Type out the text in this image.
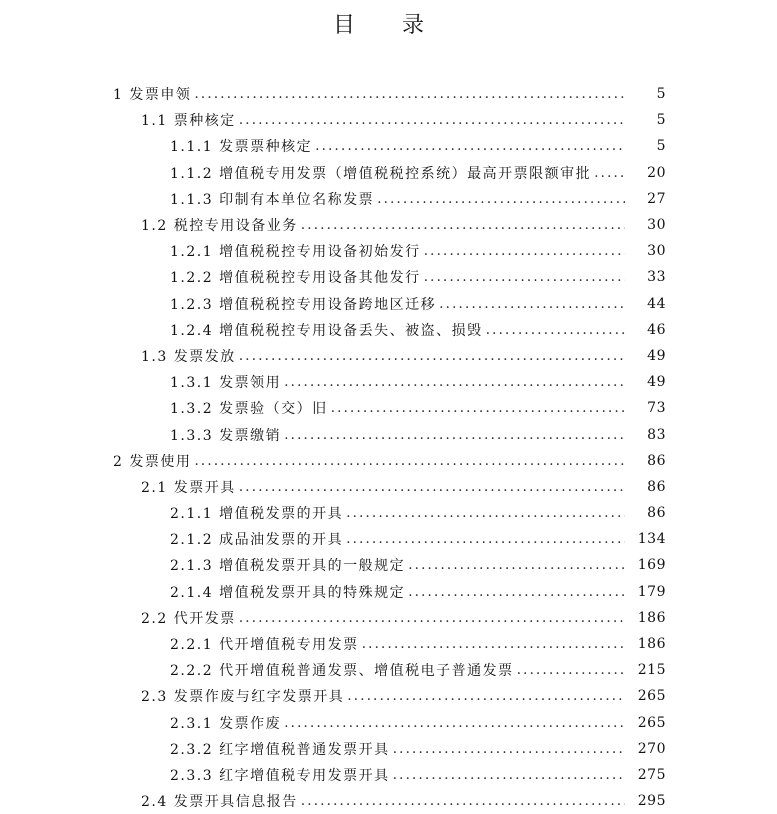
目 录
1 发票申领 .....	5
1.1 票种核定 .....	5
1.1.1 发票票种核定 .....	5
1.1.2 增值税专用发票（增值税税控系统）最高开票限额审批 .....	20
1.1.3 印制有本单位名称发票 .....	27
1.2 税控专用设备业务 .....	30
1.2.1 增值税税控专用设备初始发行 .....	30
1.2.2 增值税税控专用设备其他发行 .....	33
1.2.3 增值税税控专用设备跨地区迁移 .....	44
1.2.4 增值税税控专用设备丢失、被盗、损毁 .....	46
1.3 发票发放 .....	49
1.3.1 发票领用 .....	49
1.3.2 发票验（交）旧 .....	73
1.3.3 发票缴销 .....	83
2 发票使用 .....	86
2.1 发票开具 .....	86
2.1.1 增值税发票的开具 .....	86
2.1.2 成品油发票的开具 .....	134
2.1.3 增值税发票开具的一般规定 .....	169
2.1.4 增值税发票开具的特殊规定 .....	179
2.2 代开发票 .....	186
2.2.1 代开增值税专用发票 .....	186
2.2.2 代开增值税普通发票、增值税电子普通发票 .....	215
2.3 发票作废与红字发票开具 .....	265
2.3.1 发票作废 .....	265
2.3.2 红字增值税普通发票开具 .....	270
2.3.3 红字增值税专用发票开具 .....	275
2.4 发票开具信息报告 .....	295
